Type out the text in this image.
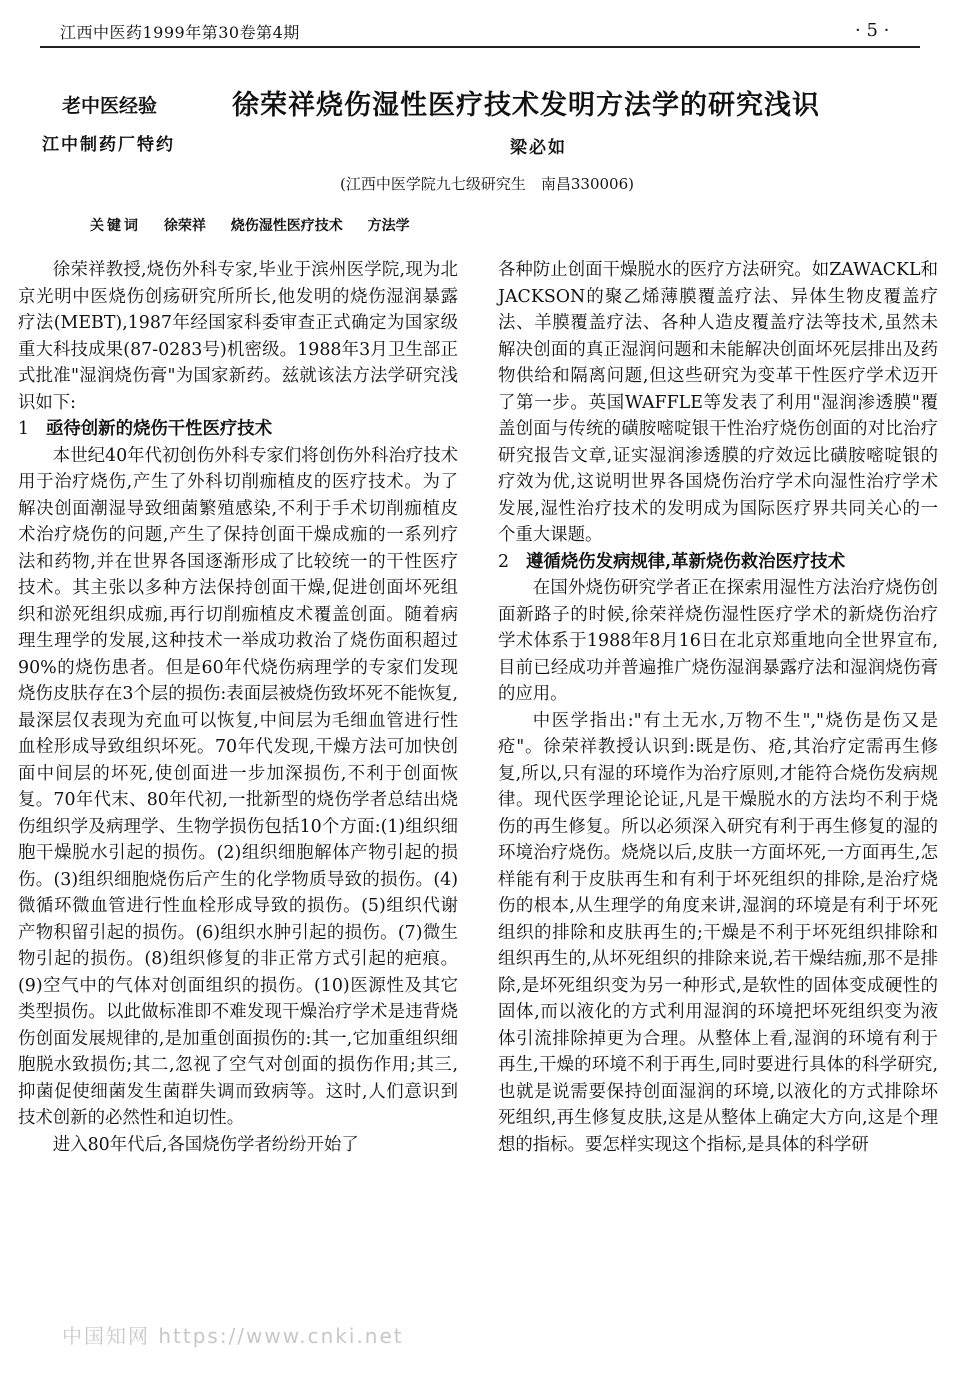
江西中医药1999年第30卷第4期	· 5 ·
老中医经验	徐荣祥烧伤湿性医疗技术发明方法学的研究浅识
江中制药厂特约	梁必如
(江西中医学院九七级研究生　南昌330006)
关键词 徐荣祥 烧伤湿性医疗技术 方法学

徐荣祥教授,烧伤外科专家,毕业于滨州医学院,现为北京光明中医烧伤创疡研究所所长,他发明的烧伤湿润暴露疗法(MEBT),1987年经国家科委审查正式确定为国家级重大科技成果(87-0283号)机密级。1988年3月卫生部正式批准"湿润烧伤膏"为国家新药。兹就该法方法学研究浅识如下:

1 亟待创新的烧伤干性医疗技术

本世纪40年代初创伤外科专家们将创伤外科治疗技术用于治疗烧伤,产生了外科切削痂植皮的医疗技术。为了解决创面潮湿导致细菌繁殖感染,不利于手术切削痂植皮术治疗烧伤的问题,产生了保持创面干燥成痂的一系列疗法和药物,并在世界各国逐渐形成了比较统一的干性医疗技术。其主张以多种方法保持创面干燥,促进创面坏死组织和淤死组织成痂,再行切削痂植皮术覆盖创面。随着病理生理学的发展,这种技术一举成功救治了烧伤面积超过90%的烧伤患者。但是60年代烧伤病理学的专家们发现烧伤皮肤存在3个层的损伤:表面层被烧伤致坏死不能恢复,最深层仅表现为充血可以恢复,中间层为毛细血管进行性血栓形成导致组织坏死。70年代发现,干燥方法可加快创面中间层的坏死,使创面进一步加深损伤,不利于创面恢复。70年代末、80年代初,一批新型的烧伤学者总结出烧伤组织学及病理学、生物学损伤包括10个方面:(1)组织细胞干燥脱水引起的损伤。(2)组织细胞解体产物引起的损伤。(3)组织细胞烧伤后产生的化学物质导致的损伤。(4)微循环微血管进行性血栓形成导致的损伤。(5)组织代谢产物积留引起的损伤。(6)组织水肿引起的损伤。(7)微生物引起的损伤。(8)组织修复的非正常方式引起的疤痕。(9)空气中的气体对创面组织的损伤。(10)医源性及其它类型损伤。以此做标准即不难发现干燥治疗学术是违背烧伤创面发展规律的,是加重创面损伤的:其一,它加重组织细胞脱水致损伤;其二,忽视了空气对创面的损伤作用;其三,抑菌促使细菌发生菌群失调而致病等。这时,人们意识到技术创新的必然性和迫切性。

进入80年代后,各国烧伤学者纷纷开始了

各种防止创面干燥脱水的医疗方法研究。如ZAWACKL和JACKSON的聚乙烯薄膜覆盖疗法、异体生物皮覆盖疗法、羊膜覆盖疗法、各种人造皮覆盖疗法等技术,虽然未解决创面的真正湿润问题和未能解决创面坏死层排出及药物供给和隔离问题,但这些研究为变革干性医疗学术迈开了第一步。英国WAFFLE等发表了利用"湿润渗透膜"覆盖创面与传统的磺胺嘧啶银干性治疗烧伤创面的对比治疗研究报告文章,证实湿润渗透膜的疗效远比磺胺嘧啶银的疗效为优,这说明世界各国烧伤治疗学术向湿性治疗学术发展,湿性治疗技术的发明成为国际医疗界共同关心的一个重大课题。

2 遵循烧伤发病规律,革新烧伤救治医疗技术

在国外烧伤研究学者正在探索用湿性方法治疗烧伤创面新路子的时候,徐荣祥烧伤湿性医疗学术的新烧伤治疗学术体系于1988年8月16日在北京郑重地向全世界宣布,目前已经成功并普遍推广烧伤湿润暴露疗法和湿润烧伤膏的应用。

中医学指出:"有土无水,万物不生","烧伤是伤又是疮"。徐荣祥教授认识到:既是伤、疮,其治疗定需再生修复,所以,只有湿的环境作为治疗原则,才能符合烧伤发病规律。现代医学理论论证,凡是干燥脱水的方法均不利于烧伤的再生修复。所以必须深入研究有利于再生修复的湿的环境治疗烧伤。烧烧以后,皮肤一方面坏死,一方面再生,怎样能有利于皮肤再生和有利于坏死组织的排除,是治疗烧伤的根本,从生理学的角度来讲,湿润的环境是有利于坏死组织的排除和皮肤再生的;干燥是不利于坏死组织排除和组织再生的,从坏死组织的排除来说,若干燥结痂,那不是排除,是坏死组织变为另一种形式,是软性的固体变成硬性的固体,而以液化的方式利用湿润的环境把坏死组织变为液体引流排除掉更为合理。从整体上看,湿润的环境有利于再生,干燥的环境不利于再生,同时要进行具体的科学研究,也就是说需要保持创面湿润的环境,以液化的方式排除坏死组织,再生修复皮肤,这是从整体上确定大方向,这是个理想的指标。要怎样实现这个指标,是具体的科学研

中国知网 https://www.cnki.net
